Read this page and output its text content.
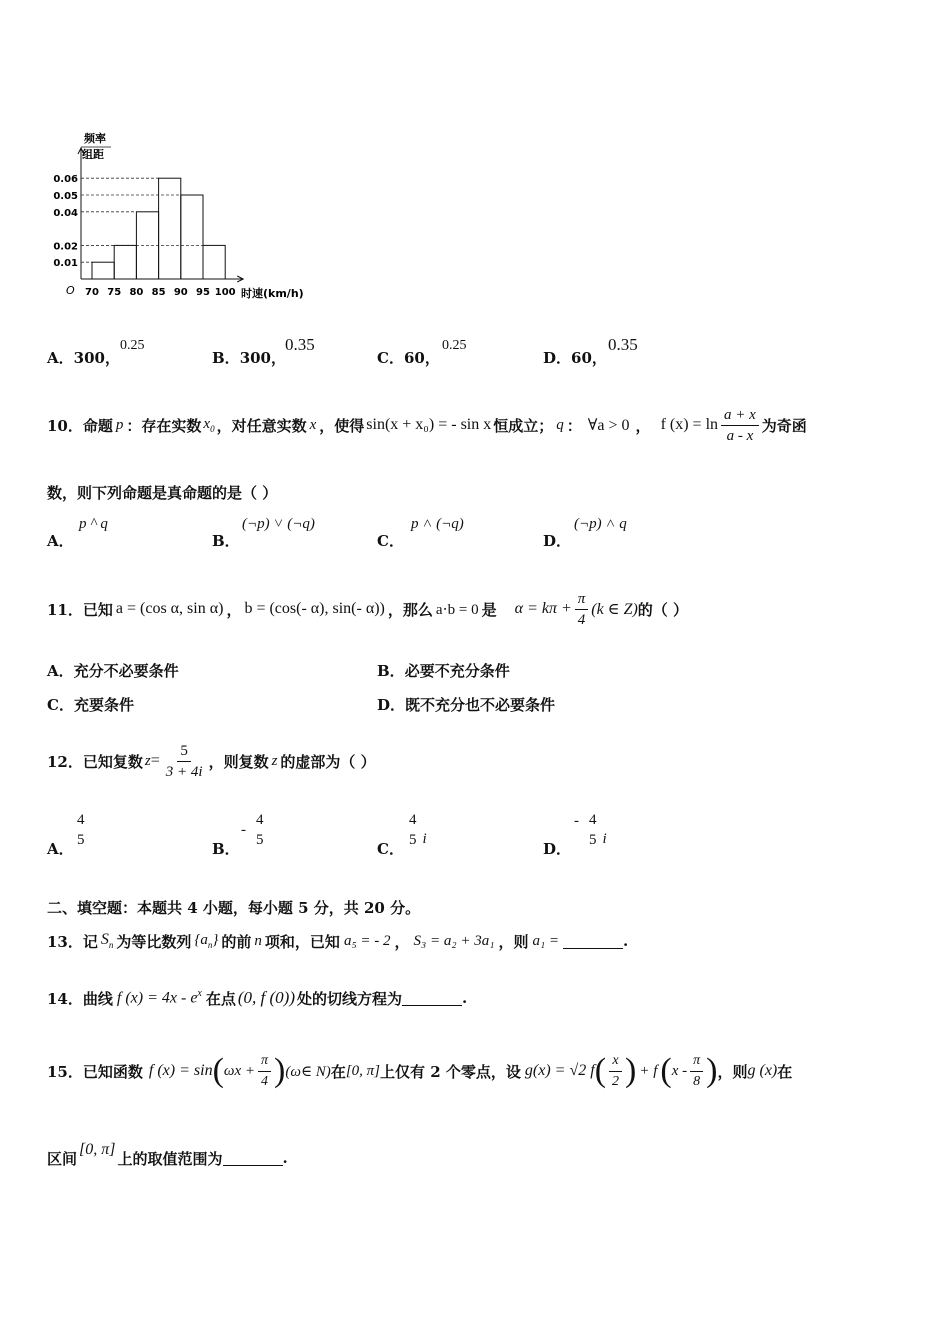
频率
组距
0.06
0.05
0.04
0.02
0.01
70 75 80 85 90 95 100
O	时速(km/h)
A．300，
0.25
B．300，
0.35
C．60，
0.25
D．60，
0.35
10． 命题 p ：存在实数 $x_0$ ，对任意实数 x ，使得 sin(x + x₀) = - sin x 恒成立； q ： ∀a > 0 ， f $(x) = \ln \frac{a + x}{a - x}$ 为奇函
数，则下列命题是真命题的是（ ）
A．
p ^ q
B．
(¬p) ˅ (¬q)
C．
p ˄ (¬q)
D．
(¬p) ˄ q
11． 已知 a = (cos α, sin α) ， b = (cos(- α), sin(- α)) ，那么 a⋅b = 0 是 $\alpha = k\pi + \frac{\pi}{4} (k$ ∈ Z) 的（ ）
A．充分不必要条件	B．必要不充分条件
C．充要条件	D．既不充分也不必要条件
12． 已知复数 $z = \frac{5}{3 + 4i}$ ，则复数 z 的虚部为（ ）
A．
4
5	B．
-
4
5	C．
4
5 i
D．
- 4
5 i
二、填空题：本题共 4 小题，每小题 5 分，共 20 分。
13． 记 $S_n$ 为等比数列 $\{a_n\}$ 的前 n 项和，已知 a₅ = - 2 ， S₃ = a₂ + 3a₁ ，则 a₁ =	.
14． 曲线 f $(x) = 4x - e^x$ 在点 (0, f (0)) 处的切线方程为	.
15． 已知函数 f (x) = sin ( $\omega x + \frac{\pi}{4}$ ) (ω∈ N) 在 [0, π] 上仅有 2 个零点，设 g(x) = √2 f ( $\frac{x}{2}$ ) + f ( x - $\frac{\pi}{8}$ ) ，则 g (x) 在
区间 [0, π] 上的取值范围为	.
